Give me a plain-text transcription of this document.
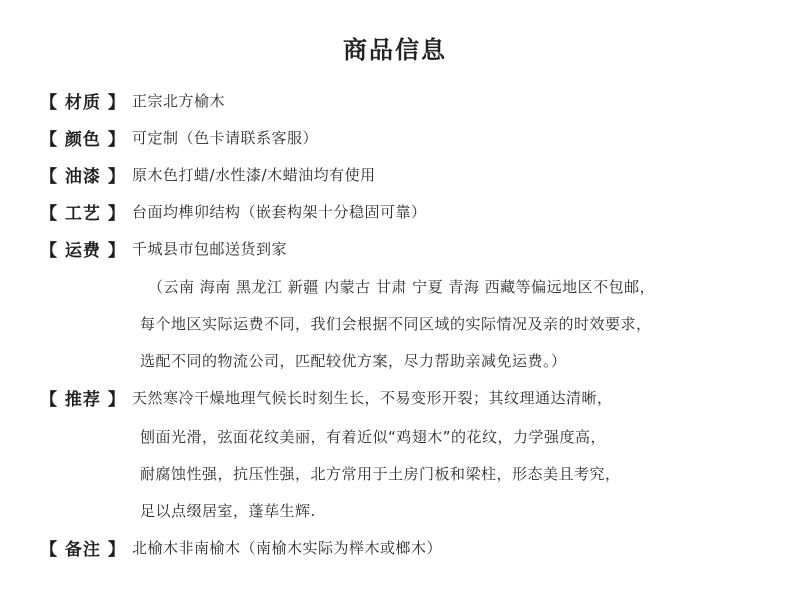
商品信息
【 材质 】 正宗北方榆木
【 颜色 】 可定制（色卡请联系客服）
【 油漆 】 原木色打蜡/水性漆/木蜡油均有使用
【 工艺 】 台面均榫卯结构（嵌套构架十分稳固可靠）
【 运费 】 千城县市包邮送货到家
（云南 海南 黑龙江 新疆 内蒙古 甘肃 宁夏 青海 西藏等偏远地区不包邮，
每个地区实际运费不同，我们会根据不同区域的实际情况及亲的时效要求，
选配不同的物流公司，匹配较优方案，尽力帮助亲减免运费。）
【 推荐 】 天然寒冷干燥地理气候长时刻生长，不易变形开裂；其纹理通达清晰，
刨面光滑，弦面花纹美丽，有着近似“鸡翅木”的花纹，力学强度高，
耐腐蚀性强，抗压性强，北方常用于土房门板和梁柱，形态美且考究，
足以点缀居室，蓬荜生辉.
【 备注 】 北榆木非南榆木（南榆木实际为榉木或榔木）
